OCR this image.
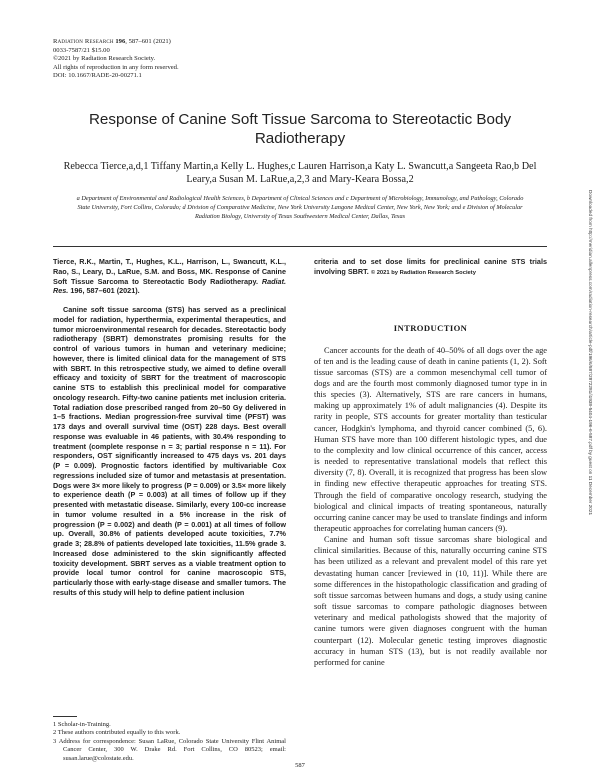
Radiation Research 196, 587–601 (2021)
0033-7587/21 $15.00
©2021 by Radiation Research Society.
All rights of reproduction in any form reserved.
DOI: 10.1667/RADE-20-00271.1
Response of Canine Soft Tissue Sarcoma to Stereotactic Body Radiotherapy
Rebecca Tierce,a,d,1 Tiffany Martin,a Kelly L. Hughes,c Lauren Harrison,a Katy L. Swancutt,a Sangeeta Rao,b Del Leary,a Susan M. LaRue,a,2,3 and Mary-Keara Bossa,2
a Department of Environmental and Radiological Health Sciences, b Department of Clinical Sciences and c Department of Microbiology, Immunology, and Pathology, Colorado State University, Fort Collins, Colorado; d Division of Comparative Medicine, New York University Langone Medical Center, New York, New York; and e Division of Molecular Radiation Biology, University of Texas Southwestern Medical Center, Dallas, Texas

Tierce, R.K., Martin, T., Hughes, K.L., Harrison, L., Swancutt, K.L., Rao, S., Leary, D., LaRue, S.M. and Boss, MK. Response of Canine Soft Tissue Sarcoma to Stereotactic Body Radiotherapy. Radiat. Res. 196, 587–601 (2021).

Canine soft tissue sarcoma (STS) has served as a preclinical model for radiation, hyperthermia, experimental therapeutics, and tumor microenvironmental research for decades. Stereotactic body radiotherapy (SBRT) demonstrates promising results for the control of various tumors in human and veterinary medicine; however, there is limited clinical data for the management of STS with SBRT. In this retrospective study, we aimed to define overall efficacy and toxicity of SBRT for the treatment of macroscopic canine STS to establish this preclinical model for comparative oncology research. Fifty-two canine patients met inclusion criteria. Total radiation dose prescribed ranged from 20–50 Gy delivered in 1–5 fractions. Median progression-free survival time (PFST) was 173 days and overall survival time (OST) 228 days. Best overall response was evaluable in 46 patients, with 30.4% responding to treatment (complete response n = 3; partial response n = 11). For responders, OST significantly increased to 475 days vs. 201 days (P = 0.009). Prognostic factors identified by multivariable Cox regressions included size of tumor and metastasis at presentation. Dogs were 3× more likely to progress (P = 0.009) or 3.5× more likely to experience death (P = 0.003) at all times of follow up if they presented with metastatic disease. Similarly, every 100-cc increase in tumor volume resulted in a 5% increase in the risk of progression (P = 0.002) and death (P = 0.001) at all times of follow up. Overall, 30.8% of patients developed acute toxicities, 7.7% grade 3; 28.8% of patients developed late toxicities, 11.5% grade 3. Increased dose administered to the skin significantly affected toxicity development. SBRT serves as a viable treatment option to provide local tumor control for canine macroscopic STS, particularly those with early-stage disease and smaller tumors. The results of this study will help to define patient inclusion

criteria and to set dose limits for preclinical canine STS trials involving SBRT. © 2021 by Radiation Research Society

INTRODUCTION

Cancer accounts for the death of 40–50% of all dogs over the age of ten and is the leading cause of death in canine patients (1, 2). Soft tissue sarcomas (STS) are a common mesenchymal cell tumor of dogs and are the fourth most commonly diagnosed tumor type in in this species (3). Alternatively, STS are rare cancers in humans, making up approximately 1% of adult malignancies (4). Despite its rarity in people, STS accounts for greater mortality than testicular cancer, Hodgkin's lymphoma, and thyroid cancer combined (5, 6). Human STS have more than 100 different histologic types, and due to the complexity and low clinical occurrence of this cancer, access is needed to representative translational models that reflect this diversity (7, 8). Overall, it is recognized that progress has been slow in finding new effective therapeutic approaches for treating STS. Through the field of comparative oncology research, studying the biological and clinical impacts of treating spontaneous, naturally occurring canine cancer may be used to translate findings and inform therapeutic approaches for correlating human cancers (9).

Canine and human soft tissue sarcomas share biological and clinical similarities. Because of this, naturally occurring canine STS has been utilized as a relevant and prevalent model of this rare yet devastating human cancer [reviewed in (10, 11)]. While there are some differences in the histopathologic classification and grading of soft tissue sarcomas between humans and dogs, a study using canine soft tissue sarcomas to compare pathologic diagnoses between veterinary and medical pathologists showed that the majority of canine tumors were given diagnoses congruent with the human counterpart (12). Molecular genetic testing improves diagnostic accuracy in human STS (13), but is not readily available nor performed for canine

1 Scholar-in-Training.

2 These authors contributed equally to this work.

3 Address for correspondence: Susan LaRue, Colorado State University Flint Animal Cancer Center, 300 W. Drake Rd. Fort Collins, CO 80523; email: susan.larue@colostate.edu.

587
Downloaded from http://meridian.allenpress.com/radiation-research/article-pdf/196/6/587/2872281/i1938-5404-196-6-587.pdf by guest on 11 December 2021
